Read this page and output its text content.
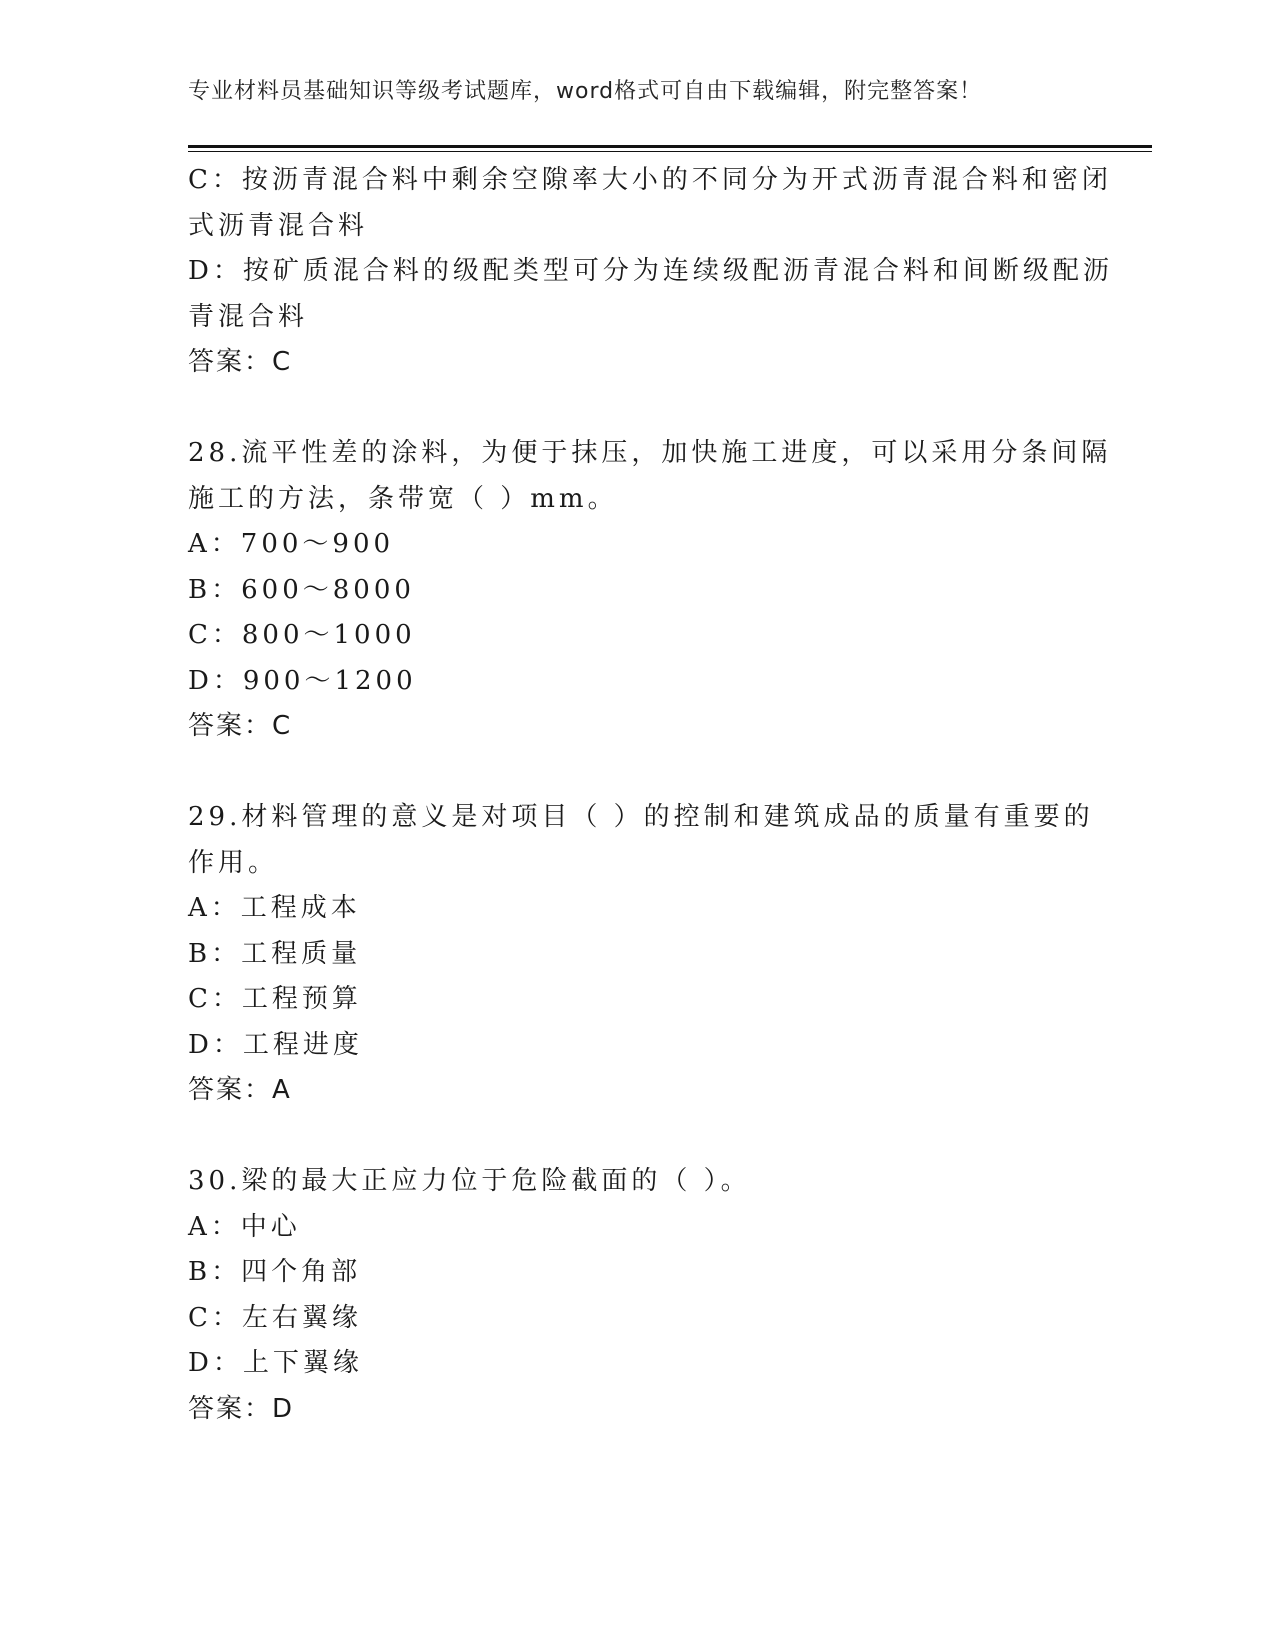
专业材料员基础知识等级考试题库，word格式可自由下载编辑，附完整答案！
C：按沥青混合料中剩余空隙率大小的不同分为开式沥青混合料和密闭
式沥青混合料
D：按矿质混合料的级配类型可分为连续级配沥青混合料和间断级配沥
青混合料
答案：C
28.流平性差的涂料，为便于抹压，加快施工进度，可以采用分条间隔
施工的方法，条带宽（ ）mm。
A：700～900
B：600～8000
C：800～1000
D：900～1200
答案：C
29.材料管理的意义是对项目（ ）的控制和建筑成品的质量有重要的
作用。
A：工程成本
B：工程质量
C：工程预算
D：工程进度
答案：A
30.梁的最大正应力位于危险截面的（ ）。
A：中心
B：四个角部
C：左右翼缘
D：上下翼缘
答案：D
